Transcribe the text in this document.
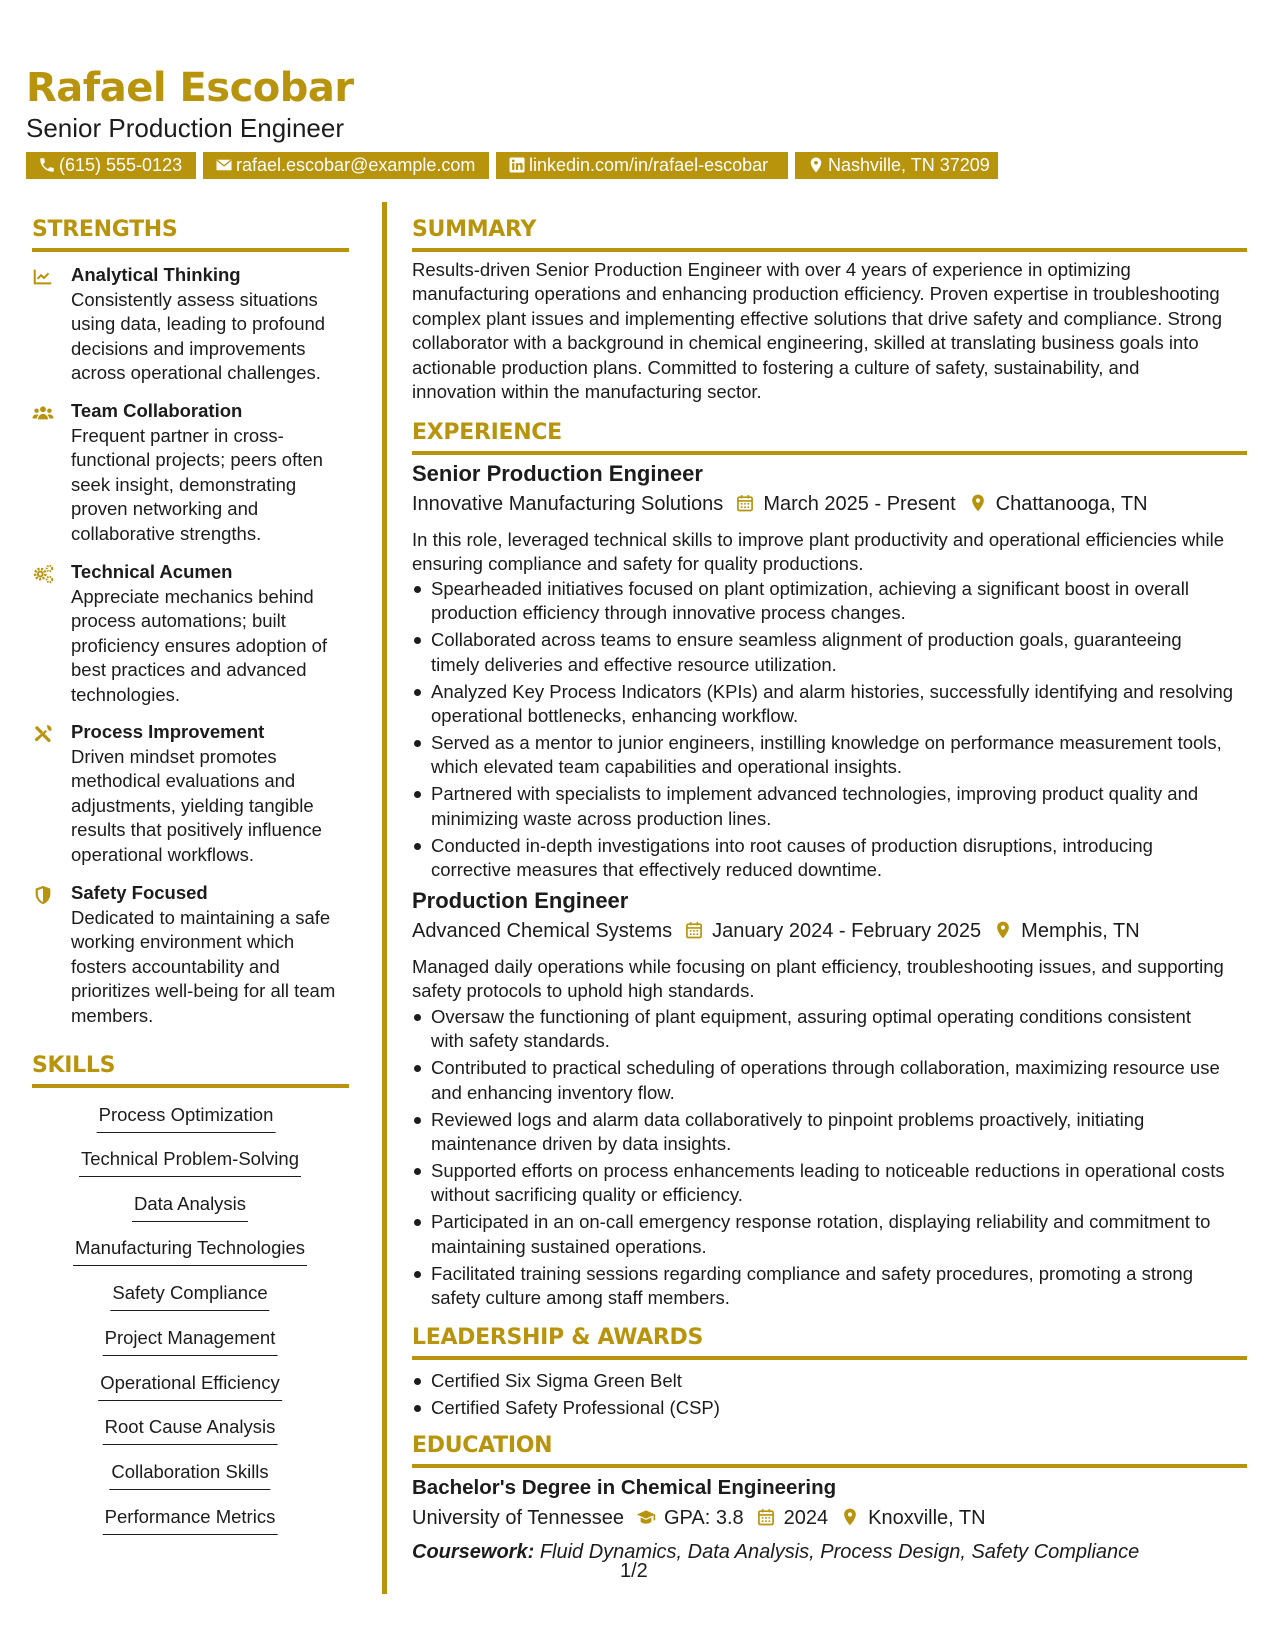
Rafael Escobar
Senior Production Engineer
(615) 555-0123	rafael.escobar@example.com	linkedin.com/in/rafael-escobar	Nashville, TN 37209
STRENGTHS
Analytical Thinking
Consistently assess situations
using data, leading to profound
decisions and improvements
across operational challenges.
Team Collaboration
Frequent partner in cross-
functional projects; peers often
seek insight, demonstrating
proven networking and
collaborative strengths.
Technical Acumen
Appreciate mechanics behind
process automations; built
proficiency ensures adoption of
best practices and advanced
technologies.
Process Improvement
Driven mindset promotes
methodical evaluations and
adjustments, yielding tangible
results that positively influence
operational workflows.
Safety Focused
Dedicated to maintaining a safe
working environment which
fosters accountability and
prioritizes well-being for all team
members.
SKILLS
Process Optimization
Technical Problem-Solving
Data Analysis
Manufacturing Technologies
Safety Compliance
Project Management
Operational Efficiency
Root Cause Analysis
Collaboration Skills
Performance Metrics
SUMMARY
Results-driven Senior Production Engineer with over 4 years of experience in optimizing
manufacturing operations and enhancing production efficiency. Proven expertise in troubleshooting
complex plant issues and implementing effective solutions that drive safety and compliance. Strong
collaborator with a background in chemical engineering, skilled at translating business goals into
actionable production plans. Committed to fostering a culture of safety, sustainability, and
innovation within the manufacturing sector.
EXPERIENCE
Senior Production Engineer
Innovative Manufacturing Solutions March 2025 - Present Chattanooga, TN
In this role, leveraged technical skills to improve plant productivity and operational efficiencies while
ensuring compliance and safety for quality productions.
Spearheaded initiatives focused on plant optimization, achieving a significant boost in overall
production efficiency through innovative process changes.
Collaborated across teams to ensure seamless alignment of production goals, guaranteeing
timely deliveries and effective resource utilization.
Analyzed Key Process Indicators (KPIs) and alarm histories, successfully identifying and resolving
operational bottlenecks, enhancing workflow.
Served as a mentor to junior engineers, instilling knowledge on performance measurement tools,
which elevated team capabilities and operational insights.
Partnered with specialists to implement advanced technologies, improving product quality and
minimizing waste across production lines.
Conducted in-depth investigations into root causes of production disruptions, introducing
corrective measures that effectively reduced downtime.
Production Engineer
Advanced Chemical Systems January 2024 - February 2025 Memphis, TN
Managed daily operations while focusing on plant efficiency, troubleshooting issues, and supporting
safety protocols to uphold high standards.
Oversaw the functioning of plant equipment, assuring optimal operating conditions consistent
with safety standards.
Contributed to practical scheduling of operations through collaboration, maximizing resource use
and enhancing inventory flow.
Reviewed logs and alarm data collaboratively to pinpoint problems proactively, initiating
maintenance driven by data insights.
Supported efforts on process enhancements leading to noticeable reductions in operational costs
without sacrificing quality or efficiency.
Participated in an on-call emergency response rotation, displaying reliability and commitment to
maintaining sustained operations.
Facilitated training sessions regarding compliance and safety procedures, promoting a strong
safety culture among staff members.
LEADERSHIP & AWARDS
Certified Six Sigma Green Belt
Certified Safety Professional (CSP)
EDUCATION
Bachelor's Degree in Chemical Engineering
University of Tennessee GPA: 3.8 2024 Knoxville, TN
Coursework: Fluid Dynamics, Data Analysis, Process Design, Safety Compliance
1/2
